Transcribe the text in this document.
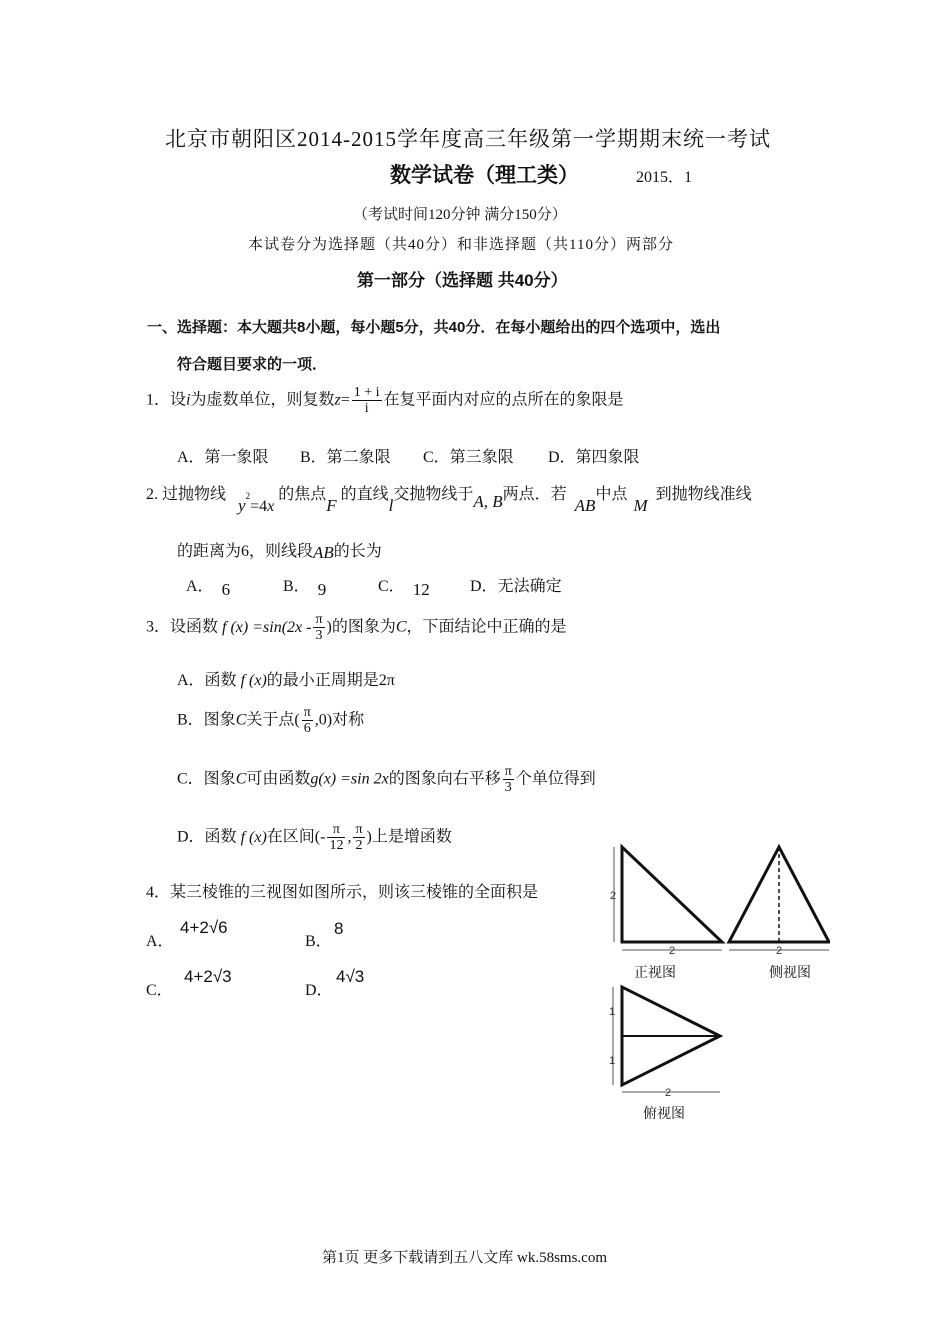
北京市朝阳区2014-2015学年度高三年级第一学期期末统一考试
数学试卷（理工类）	2015．1
（考试时间120分钟 满分150分）
本试卷分为选择题（共40分）和非选择题（共110分）两部分
第一部分（选择题 共40分）
一、选择题：本大题共8小题，每小题5分，共40分．在每小题给出的四个选项中，选出
符合题目要求的一项．
1．设i为虚数单位，则复数$z= \frac{1 + i}{i}$ 在复平面内对应的点所在的象限是
A．第一象限 B．第二象限 C．第三象限 D．第四象限
2. 过抛物线 $y^2=4x$ 的焦点F 的直线l交抛物线于A, B两点．若AB中点M到抛物线准线
的距离为6，则线段AB的长为
A． 6	B． 9	C． 12	D．无法确定
3．设函数 f $(x) =\sin(2x - \frac{\pi}{3}$ )的图象为C，下面结论中正确的是
A．函数 f (x)的最小正周期是2π
B．图象C关于点( $\frac{\pi}{6} ,0$)对称
C．图象C可由函数g(x) =sin 2x的图象向右平移 $\frac{\pi}{3}$ 个单位得到
D．函数 f (x)在区间(- $\frac{\pi}{12}$ , $\frac{\pi}{2}$ )上是增函数
4．某三棱锥的三视图如图所示，则该三棱锥的全面积是
A．
4+2√6
B．
8
C．
4+2√3
D．
4√3
2
2
正视图
2
侧视图
1
1
2
俯视图
第1页 更多下载请到五八文库 wk.58sms.com
